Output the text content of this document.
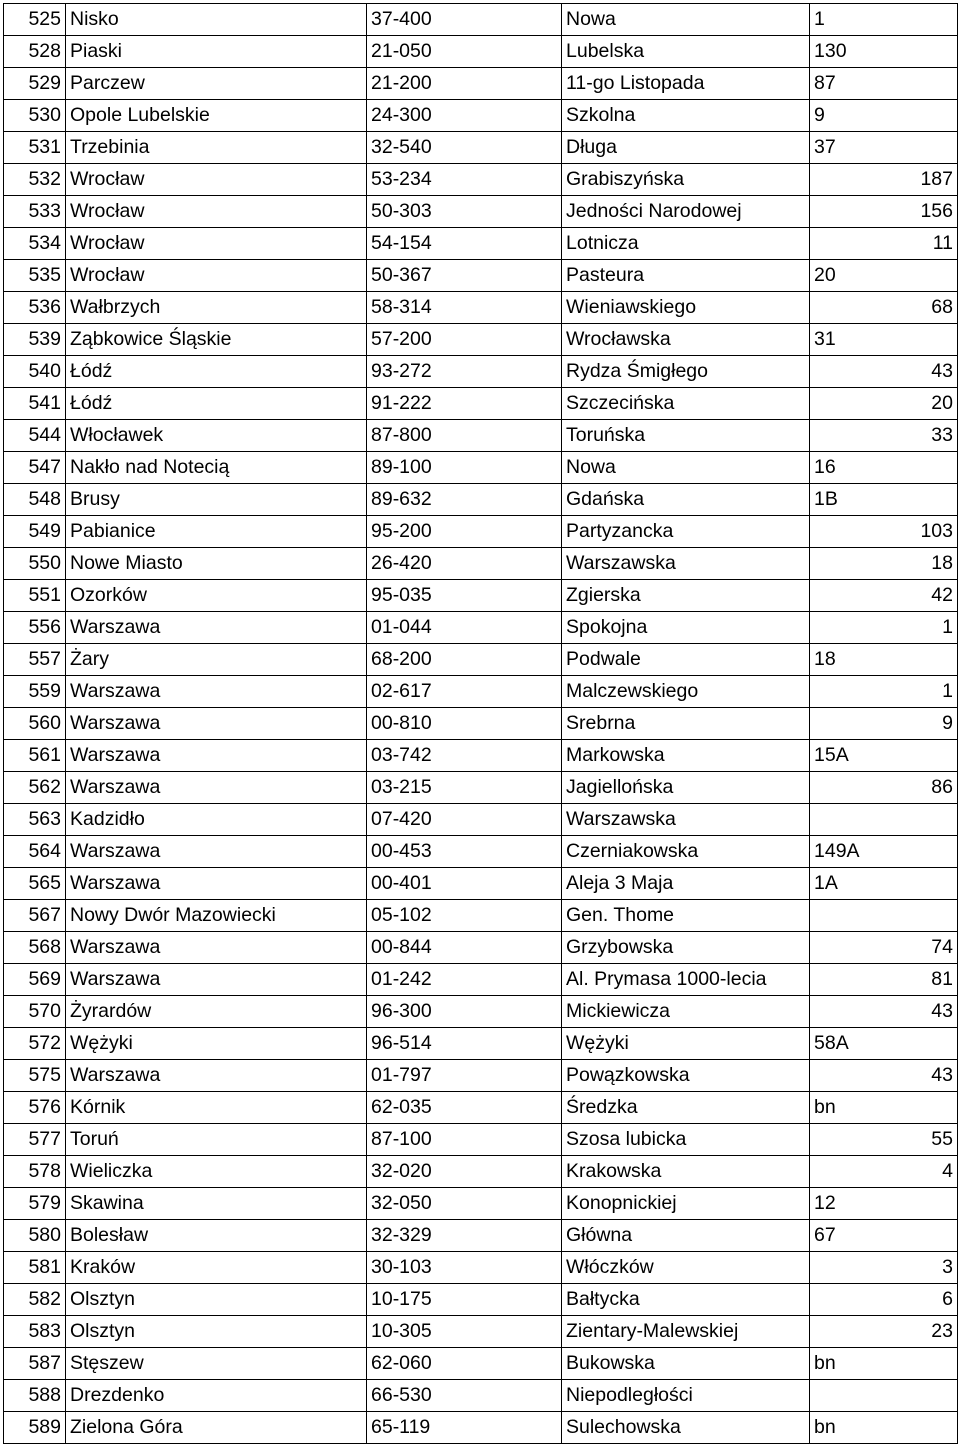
525	Nisko	37-400	Nowa	1
528	Piaski	21-050	Lubelska	130
529	Parczew	21-200	11-go Listopada	87
530	Opole Lubelskie	24-300	Szkolna	9
531	Trzebinia	32-540	Długa	37
532	Wrocław	53-234	Grabiszyńska	187
533	Wrocław	50-303	Jedności Narodowej	156
534	Wrocław	54-154	Lotnicza	11
535	Wrocław	50-367	Pasteura	20
536	Wałbrzych	58-314	Wieniawskiego	68
539	Ząbkowice Śląskie	57-200	Wrocławska	31
540	Łódź	93-272	Rydza Śmigłego	43
541	Łódź	91-222	Szczecińska	20
544	Włocławek	87-800	Toruńska	33
547	Nakło nad Notecią	89-100	Nowa	16
548	Brusy	89-632	Gdańska	1B
549	Pabianice	95-200	Partyzancka	103
550	Nowe Miasto	26-420	Warszawska	18
551	Ozorków	95-035	Zgierska	42
556	Warszawa	01-044	Spokojna	1
557	Żary	68-200	Podwale	18
559	Warszawa	02-617	Malczewskiego	1
560	Warszawa	00-810	Srebrna	9
561	Warszawa	03-742	Markowska	15A
562	Warszawa	03-215	Jagiellońska	86
563	Kadzidło	07-420	Warszawska	
564	Warszawa	00-453	Czerniakowska	149A
565	Warszawa	00-401	Aleja 3 Maja	1A
567	Nowy Dwór Mazowiecki	05-102	Gen. Thome	
568	Warszawa	00-844	Grzybowska	74
569	Warszawa	01-242	Al. Prymasa 1000-lecia	81
570	Żyrardów	96-300	Mickiewicza	43
572	Wężyki	96-514	Wężyki	58A
575	Warszawa	01-797	Powązkowska	43
576	Kórnik	62-035	Średzka	bn
577	Toruń	87-100	Szosa lubicka	55
578	Wieliczka	32-020	Krakowska	4
579	Skawina	32-050	Konopnickiej	12
580	Bolesław	32-329	Główna	67
581	Kraków	30-103	Włóczków	3
582	Olsztyn	10-175	Bałtycka	6
583	Olsztyn	10-305	Zientary-Malewskiej	23
587	Stęszew	62-060	Bukowska	bn
588	Drezdenko	66-530	Niepodległości	
589	Zielona Góra	65-119	Sulechowska	bn
